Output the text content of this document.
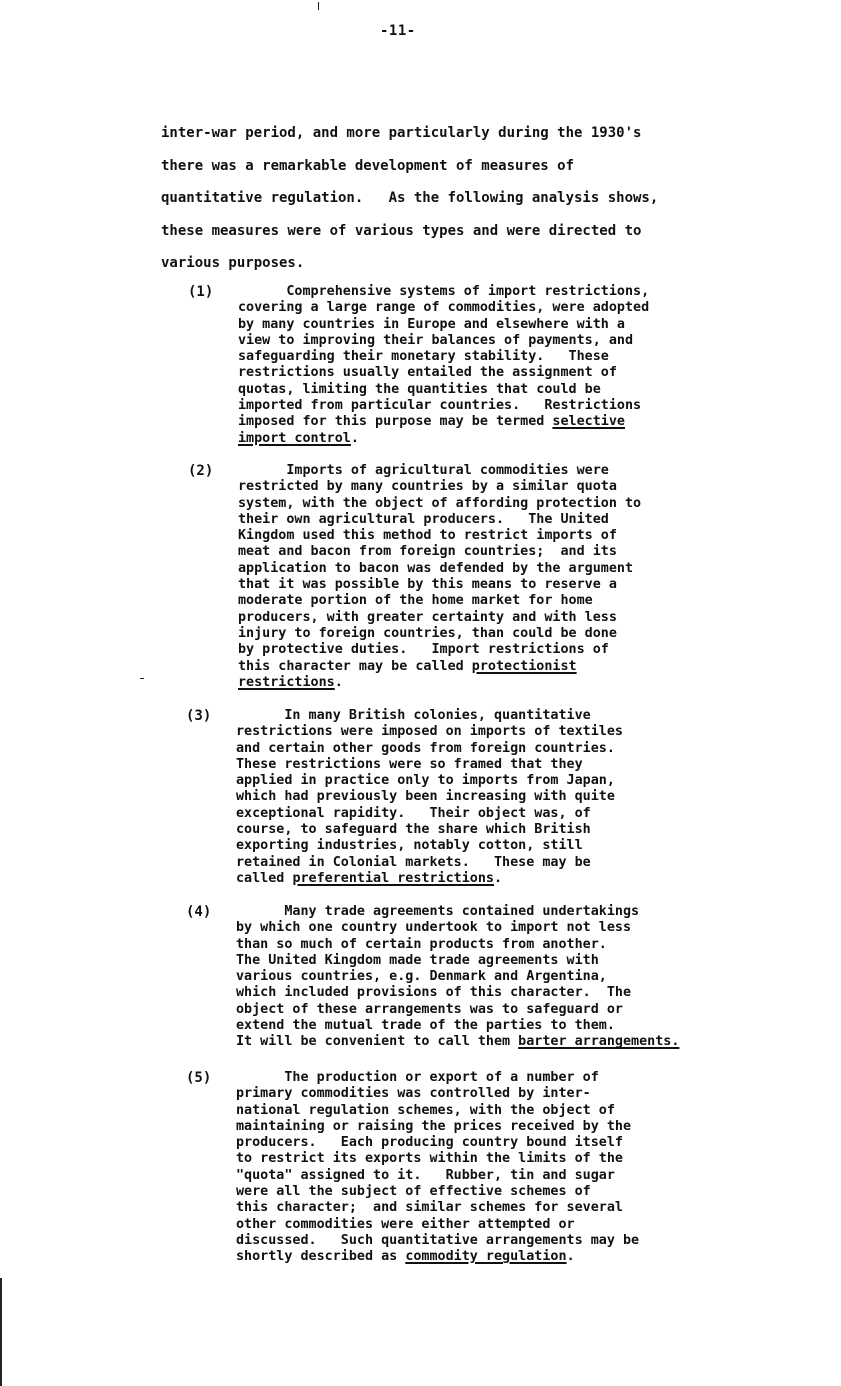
-11-
inter-war period, and more particularly during the 1930's
there was a remarkable development of measures of
quantitative regulation.   As the following analysis shows,
these measures were of various types and were directed to
various purposes.
(1) Comprehensive systems of import restrictions,
covering a large range of commodities, were adopted
by many countries in Europe and elsewhere with a
view to improving their balances of payments, and
safeguarding their monetary stability.   These
restrictions usually entailed the assignment of
quotas, limiting the quantities that could be
imported from particular countries.   Restrictions
imposed for this purpose may be termed selective
import control.
(2) Imports of agricultural commodities were
restricted by many countries by a similar quota
system, with the object of affording protection to
their own agricultural producers.   The United
Kingdom used this method to restrict imports of
meat and bacon from foreign countries;  and its
application to bacon was defended by the argument
that it was possible by this means to reserve a
moderate portion of the home market for home
producers, with greater certainty and with less
injury to foreign countries, than could be done
by protective duties.   Import restrictions of
this character may be called protectionist
restrictions.
(3) In many British colonies, quantitative
restrictions were imposed on imports of textiles
and certain other goods from foreign countries.
These restrictions were so framed that they
applied in practice only to imports from Japan,
which had previously been increasing with quite
exceptional rapidity.   Their object was, of
course, to safeguard the share which British
exporting industries, notably cotton, still
retained in Colonial markets.   These may be
called preferential restrictions.
(4) Many trade agreements contained undertakings
by which one country undertook to import not less
than so much of certain products from another.
The United Kingdom made trade agreements with
various countries, e.g. Denmark and Argentina,
which included provisions of this character.  The
object of these arrangements was to safeguard or
extend the mutual trade of the parties to them.
It will be convenient to call them barter arrangements.
(5) The production or export of a number of
primary commodities was controlled by inter-
national regulation schemes, with the object of
maintaining or raising the prices received by the
producers.   Each producing country bound itself
to restrict its exports within the limits of the
"quota" assigned to it.   Rubber, tin and sugar
were all the subject of effective schemes of
this character;  and similar schemes for several
other commodities were either attempted or
discussed.   Such quantitative arrangements may be
shortly described as commodity regulation.
